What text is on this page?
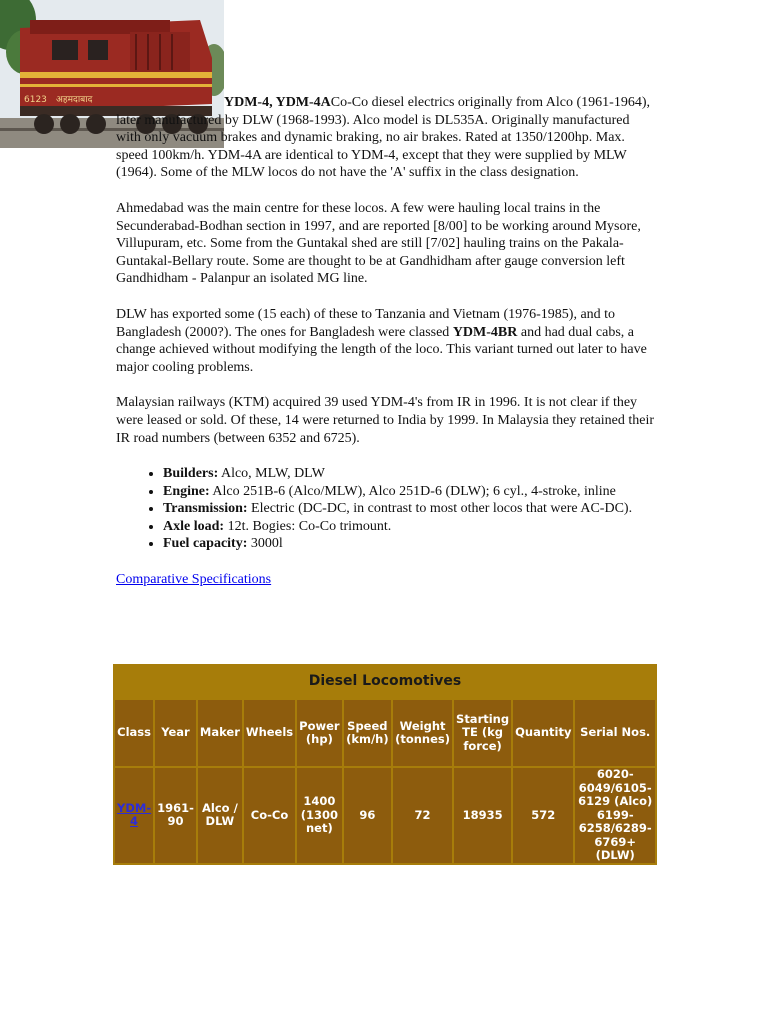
6123 अहमदाबाद	YDM-4, YDM-4ACo-Co diesel electrics originally from Alco (1961-1964), later manufactured by DLW (1968-1993). Alco model is DL535A. Originally manufactured with only vacuum brakes and dynamic braking, no air brakes. Rated at 1350/1200hp. Max. speed 100km/h. YDM-4A are identical to YDM-4, except that they were supplied by MLW (1964). Some of the MLW locos do not have the 'A' suffix in the class designation.

Ahmedabad was the main centre for these locos. A few were hauling local trains in the Secunderabad-Bodhan section in 1997, and are reported [8/00] to be working around Mysore, Villupuram, etc. Some from the Guntakal shed are still [7/02] hauling trains on the Pakala-Guntakal-Bellary route. Some are thought to be at Gandhidham after gauge conversion left Gandhidham - Palanpur an isolated MG line.

DLW has exported some (15 each) of these to Tanzania and Vietnam (1976-1985), and to Bangladesh (2000?). The ones for Bangladesh were classed YDM-4BR and had dual cabs, a change achieved without modifying the length of the loco. This variant turned out later to have major cooling problems.

Malaysian railways (KTM) acquired 39 used YDM-4's from IR in 1996. It is not clear if they were leased or sold. Of these, 14 were returned to India by 1999. In Malaysia they retained their IR road numbers (between 6352 and 6725).

• Builders: Alco, MLW, DLW
• Engine: Alco 251B-6 (Alco/MLW), Alco 251D-6 (DLW); 6 cyl., 4-stroke, inline
• Transmission: Electric (DC-DC, in contrast to most other locos that were AC-DC).
• Axle load: 12t. Bogies: Co-Co trimount.
• Fuel capacity: 3000l
Comparative Specifications
Diesel Locomotives									
Class	Year	Maker	Wheels	Power (hp)	Speed (km/h)	Weight (tonnes)	Starting TE (kg force)	Quantity	Serial Nos.
YDM-4	1961-90	Alco / DLW	Co-Co	1400 (1300 net)	96	72	18935	572	6020-6049/6105-6129 (Alco) 6199-6258/6289-6769+ (DLW)
